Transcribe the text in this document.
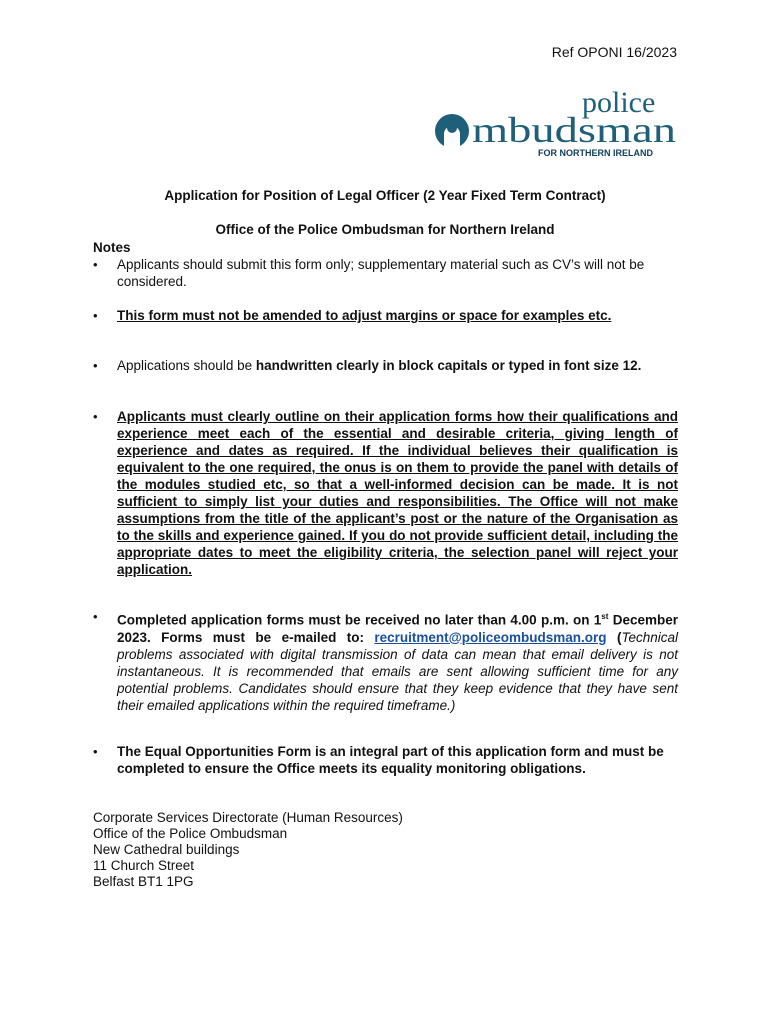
Ref OPONI 16/2023
police
mbudsman
FOR NORTHERN IRELAND
Application for Position of Legal Officer (2 Year Fixed Term Contract)
Office of the Police Ombudsman for Northern Ireland
Notes
• Applicants should submit this form only; supplementary material such as CV’s will not be considered.
• This form must not be amended to adjust margins or space for examples etc.
• Applications should be handwritten clearly in block capitals or typed in font size 12.
• Applicants must clearly outline on their application forms how their qualifications and experience meet each of the essential and desirable criteria, giving length of experience and dates as required. If the individual believes their qualification is equivalent to the one required, the onus is on them to provide the panel with details of the modules studied etc, so that a well-informed decision can be made. It is not sufficient to simply list your duties and responsibilities. The Office will not make assumptions from the title of the applicant’s post or the nature of the Organisation as to the skills and experience gained. If you do not provide sufficient detail, including the appropriate dates to meet the eligibility criteria, the selection panel will reject your application.
• Completed application forms must be received no later than 4.00 p.m. on 1st December 2023. Forms must be e-mailed to: recruitment@policeombudsman.org (Technical problems associated with digital transmission of data can mean that email delivery is not instantaneous. It is recommended that emails are sent allowing sufficient time for any potential problems. Candidates should ensure that they keep evidence that they have sent their emailed applications within the required timeframe.)
• The Equal Opportunities Form is an integral part of this application form and must be completed to ensure the Office meets its equality monitoring obligations.
Corporate Services Directorate (Human Resources)
Office of the Police Ombudsman
New Cathedral buildings
11 Church Street
Belfast BT1 1PG
